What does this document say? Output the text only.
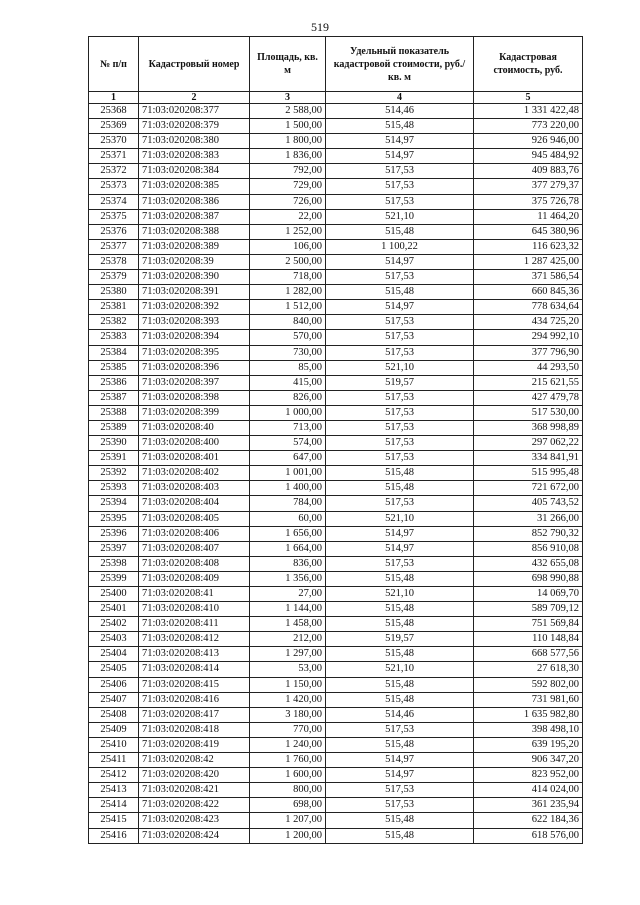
519
№ п/п	Кадастровый номер	Площадь, кв. м	Удельный показатель кадастровой стоимости, руб./кв. м	Кадастровая стоимость, руб.
1	2	3	4	5
25368	71:03:020208:377	2 588,00	514,46	1 331 422,48
25369	71:03:020208:379	1 500,00	515,48	773 220,00
25370	71:03:020208:380	1 800,00	514,97	926 946,00
25371	71:03:020208:383	1 836,00	514,97	945 484,92
25372	71:03:020208:384	792,00	517,53	409 883,76
25373	71:03:020208:385	729,00	517,53	377 279,37
25374	71:03:020208:386	726,00	517,53	375 726,78
25375	71:03:020208:387	22,00	521,10	11 464,20
25376	71:03:020208:388	1 252,00	515,48	645 380,96
25377	71:03:020208:389	106,00	1 100,22	116 623,32
25378	71:03:020208:39	2 500,00	514,97	1 287 425,00
25379	71:03:020208:390	718,00	517,53	371 586,54
25380	71:03:020208:391	1 282,00	515,48	660 845,36
25381	71:03:020208:392	1 512,00	514,97	778 634,64
25382	71:03:020208:393	840,00	517,53	434 725,20
25383	71:03:020208:394	570,00	517,53	294 992,10
25384	71:03:020208:395	730,00	517,53	377 796,90
25385	71:03:020208:396	85,00	521,10	44 293,50
25386	71:03:020208:397	415,00	519,57	215 621,55
25387	71:03:020208:398	826,00	517,53	427 479,78
25388	71:03:020208:399	1 000,00	517,53	517 530,00
25389	71:03:020208:40	713,00	517,53	368 998,89
25390	71:03:020208:400	574,00	517,53	297 062,22
25391	71:03:020208:401	647,00	517,53	334 841,91
25392	71:03:020208:402	1 001,00	515,48	515 995,48
25393	71:03:020208:403	1 400,00	515,48	721 672,00
25394	71:03:020208:404	784,00	517,53	405 743,52
25395	71:03:020208:405	60,00	521,10	31 266,00
25396	71:03:020208:406	1 656,00	514,97	852 790,32
25397	71:03:020208:407	1 664,00	514,97	856 910,08
25398	71:03:020208:408	836,00	517,53	432 655,08
25399	71:03:020208:409	1 356,00	515,48	698 990,88
25400	71:03:020208:41	27,00	521,10	14 069,70
25401	71:03:020208:410	1 144,00	515,48	589 709,12
25402	71:03:020208:411	1 458,00	515,48	751 569,84
25403	71:03:020208:412	212,00	519,57	110 148,84
25404	71:03:020208:413	1 297,00	515,48	668 577,56
25405	71:03:020208:414	53,00	521,10	27 618,30
25406	71:03:020208:415	1 150,00	515,48	592 802,00
25407	71:03:020208:416	1 420,00	515,48	731 981,60
25408	71:03:020208:417	3 180,00	514,46	1 635 982,80
25409	71:03:020208:418	770,00	517,53	398 498,10
25410	71:03:020208:419	1 240,00	515,48	639 195,20
25411	71:03:020208:42	1 760,00	514,97	906 347,20
25412	71:03:020208:420	1 600,00	514,97	823 952,00
25413	71:03:020208:421	800,00	517,53	414 024,00
25414	71:03:020208:422	698,00	517,53	361 235,94
25415	71:03:020208:423	1 207,00	515,48	622 184,36
25416	71:03:020208:424	1 200,00	515,48	618 576,00
